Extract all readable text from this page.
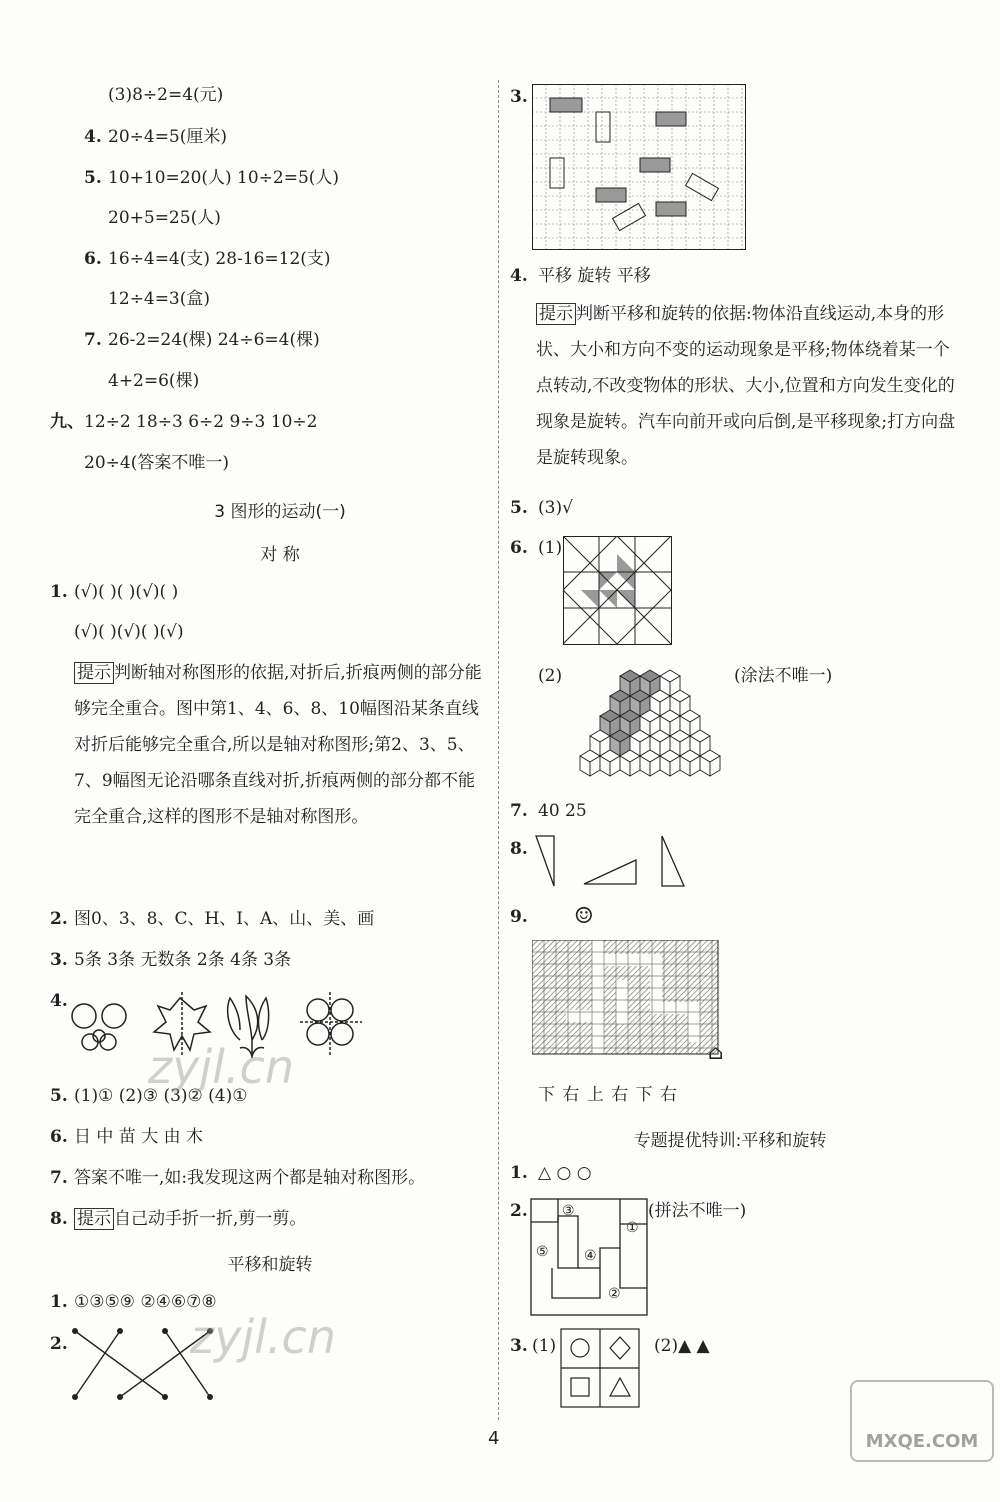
(3)8÷2=4(元)
4. 20÷4=5(厘米)
5. 10+10=20(人) 10÷2=5(人)
20+5=25(人)
6. 16÷4=4(支) 28-16=12(支)
12÷4=3(盒)
7. 26-2=24(棵) 24÷6=4(棵)
4+2=6(棵)
九、 12÷2 18÷3 6÷2 9÷3 10÷2
20÷4(答案不唯一)
3 图形的运动(一)
对 称
1. (√)( )( )(√)( )
(√)( )(√)( )(√)
提示 判断轴对称图形的依据,对折后,折痕两侧的部分能够完全重合。图中第1、4、6、8、10幅图沿某条直线对折后能够完全重合,所以是轴对称图形;第2、3、5、7、9幅图无论沿哪条直线对折,折痕两侧的部分都不能完全重合,这样的图形不是轴对称图形。
2. 图0、3、8、C、H、I、A、山、美、画
3. 5条 3条 无数条 2条 4条 3条
4.
5. (1)① (2)③ (3)② (4)①
6. 日 中 苗 大 由 木
7. 答案不唯一,如:我发现这两个都是轴对称图形。
8. 提示 自己动手折一折,剪一剪。
平移和旋转
1. ①③⑤⑨ ②④⑥⑦⑧
2.
zyjl.cn
zyjl.cn
3.
4. 平移 旋转 平移
提示 判断平移和旋转的依据:物体沿直线运动,本身的形状、大小和方向不变的运动现象是平移;物体绕着某一个点转动,不改变物体的形状、大小,位置和方向发生变化的现象是旋转。汽车向前开或向后倒,是平移现象;打方向盘是旋转现象。
5. (3)√
6. (1)
(2)	(涂法不唯一)
7. 40 25
8.
9. ☺
⌂
下 右 上 右 下 右
专题提优特训:平移和旋转
1. △ ○ ○
2.	(拼法不唯一)
③
①
⑤	④
②
3. (1)	(2)▲ ▲
4	MXQE.COM
